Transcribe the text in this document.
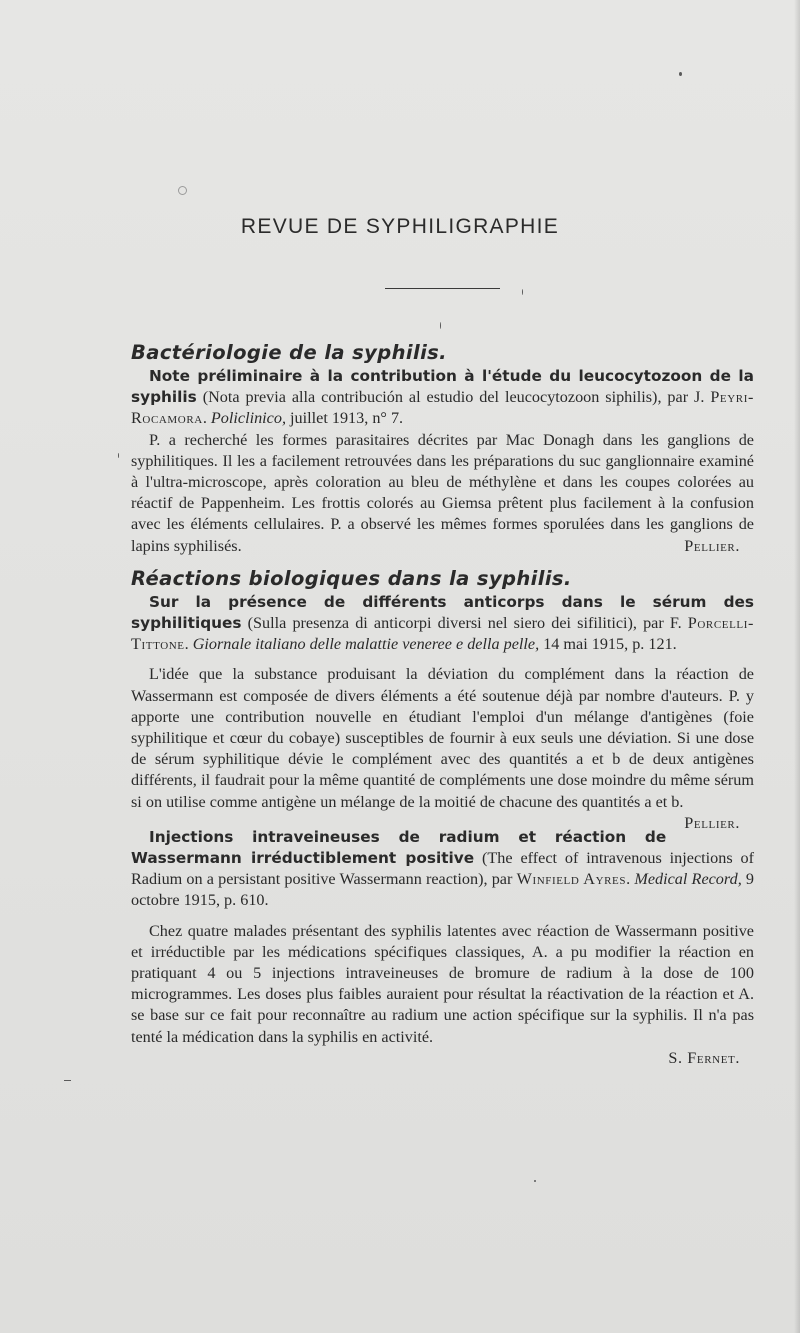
REVUE DE SYPHILIGRAPHIE
Bactériologie de la syphilis.

Note préliminaire à la contribution à l'étude du leucocytozoon de la syphilis (Nota previa alla contribución al estudio del leucocytozoon siphilis), par J. Peyri-Rocamora. Policlinico, juillet 1913, n° 7.

P. a recherché les formes parasitaires décrites par Mac Donagh dans les ganglions de syphilitiques. Il les a facilement retrouvées dans les préparations du suc ganglionnaire examiné à l'ultra-microscope, après coloration au bleu de méthylène et dans les coupes colorées au réactif de Pappenheim. Les frottis colorés au Giemsa prêtent plus facilement à la confusion avec les éléments cellulaires. P. a observé les mêmes formes sporulées dans les ganglions de lapins syphilisés.	Pellier.

Réactions biologiques dans la syphilis.

Sur la présence de différents anticorps dans le sérum des syphilitiques (Sulla presenza di anticorpi diversi nel siero dei sifilitici), par F. Porcelli-Tittone. Giornale italiano delle malattie veneree e della pelle, 14 mai 1915, p. 121.

L'idée que la substance produisant la déviation du complément dans la réaction de Wassermann est composée de divers éléments a été soutenue déjà par nombre d'auteurs. P. y apporte une contribution nouvelle en étudiant l'emploi d'un mélange d'antigènes (foie syphilitique et cœur du cobaye) susceptibles de fournir à eux seuls une déviation. Si une dose de sérum syphilitique dévie le complément avec des quantités a et b de deux antigènes différents, il faudrait pour la même quantité de compléments une dose moindre du même sérum si on utilise comme antigène un mélange de la moitié de chacune des quantités a et b.
Pellier.

Injections intraveineuses de radium et réaction de Wassermann irréductiblement positive (The effect of intravenous injections of Radium on a persistant positive Wassermann reaction), par Winfield Ayres. Medical Record, 9 octobre 1915, p. 610.

Chez quatre malades présentant des syphilis latentes avec réaction de Wassermann positive et irréductible par les médications spécifiques classiques, A. a pu modifier la réaction en pratiquant 4 ou 5 injections intraveineuses de bromure de radium à la dose de 100 microgrammes. Les doses plus faibles auraient pour résultat la réactivation de la réaction et A. se base sur ce fait pour reconnaître au radium une action spécifique sur la syphilis. Il n'a pas tenté la médication dans la syphilis en activité.

S. Fernet.
